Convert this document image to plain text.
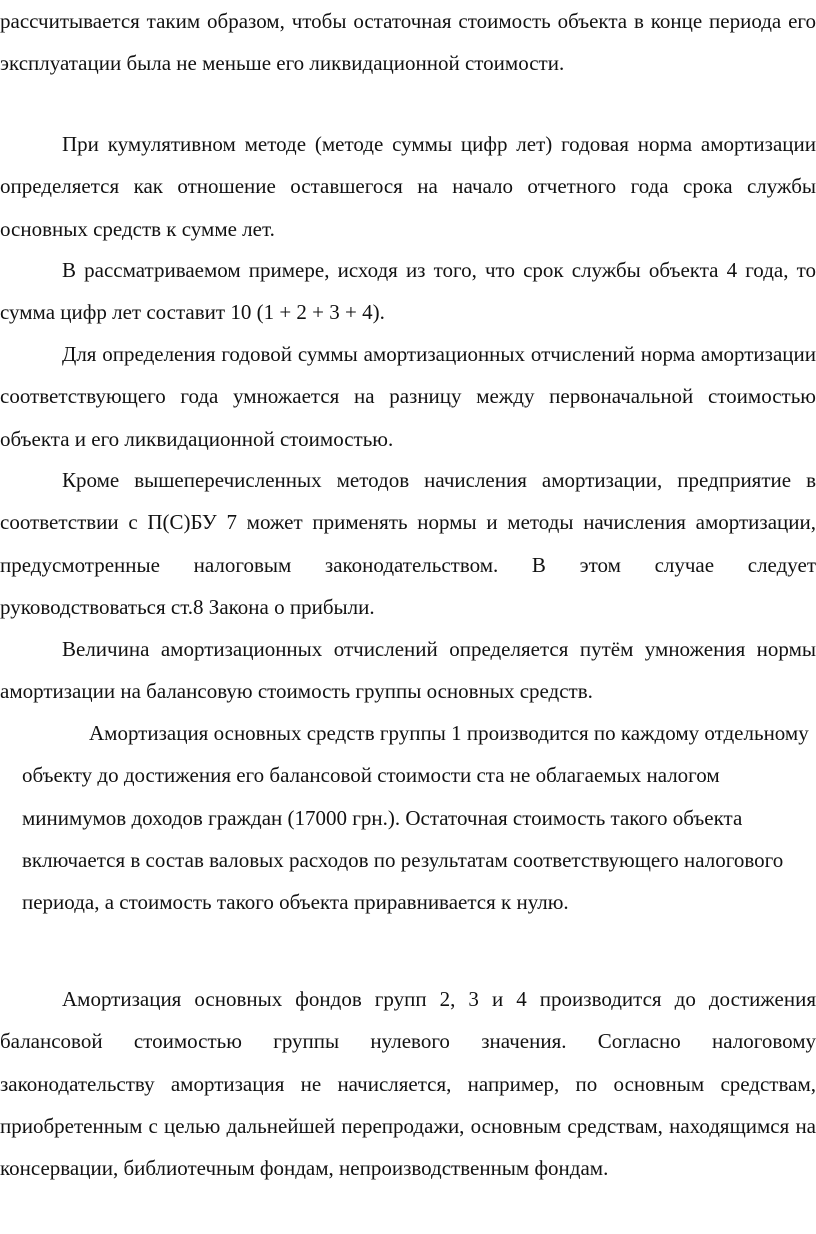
рассчитывается таким образом, чтобы остаточная стоимость объекта в конце периода его эксплуатации была не меньше его ликвидационной стоимости.

При кумулятивном методе (методе суммы цифр лет) годовая норма амортизации определяется как отношение оставшегося на начало отчетного года срока службы основных средств к сумме лет.

В рассматриваемом примере, исходя из того, что срок службы объекта 4 года, то сумма цифр лет составит 10 (1 + 2 + 3 + 4).

Для определения годовой суммы амортизационных отчислений норма амортизации соответствующего года умножается на разницу между первоначальной стоимостью объекта и его ликвидационной стоимостью.

Кроме вышеперечисленных методов начисления амортизации, предприятие в соответствии с П(С)БУ 7 может применять нормы и методы начисления амортизации, предусмотренные налоговым законодательством. В этом случае следует руководствоваться ст.8 Закона о прибыли.

Величина амортизационных отчислений определяется путём умножения нормы амортизации на балансовую стоимость группы основных средств.

Амортизация основных средств группы 1 производится по каждому отдельному объекту до достижения его балансовой стоимости ста не облагаемых налогом минимумов доходов граждан (17000 грн.). Остаточная стоимость такого объекта включается в состав валовых расходов по результатам соответствующего налогового периода, а стоимость такого объекта приравнивается к нулю.

Амортизация основных фондов групп 2, 3 и 4 производится до достижения балансовой стоимостью группы нулевого значения. Согласно налоговому законодательству амортизация не начисляется, например, по основным средствам, приобретенным с целью дальнейшей перепродажи, основным средствам, находящимся на консервации, библиотечным фондам, непроизводственным фондам.
